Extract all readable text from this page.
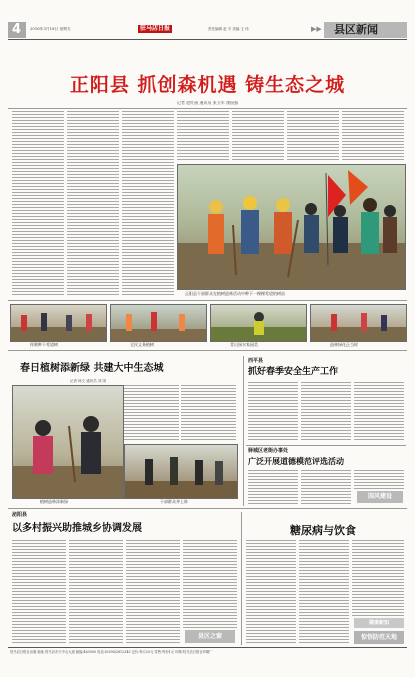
4 2016年3月18日 星期五	驻马店日报	责任编辑 赵 平 美编 王 伟	▶▶ 县区新闻
正阳县 抓创森机遇 铸生态之城
记者 赵红丽 通讯员 张卫军 康国强
正阳县干部群众在植树造林活动中种下一棵棵希望的树苗
挥锹种下希望树	全民义务植树	青山绿水家园美	造林绿化正当时
春日植树添新绿 共建大中生态城
记者 杨文 通讯员 刘 国
植树造林添新绿	干部群众齐上阵
西平县
抓好春季安全生产工作
驿城区老街办事处
广泛开展道德模范评选活动
国风建设
泌阳县
以多村振兴助推城乡协调发展
县区之窗
糖尿病与饮食
健康新知
惊悟防范天地
驻马店日报社出版 地址:驻马店市天中山大道 邮编:463000 电话:(0396)2812345 定价:每月25元 零售:每份1元 印刷:驻马店日报社印刷厂
